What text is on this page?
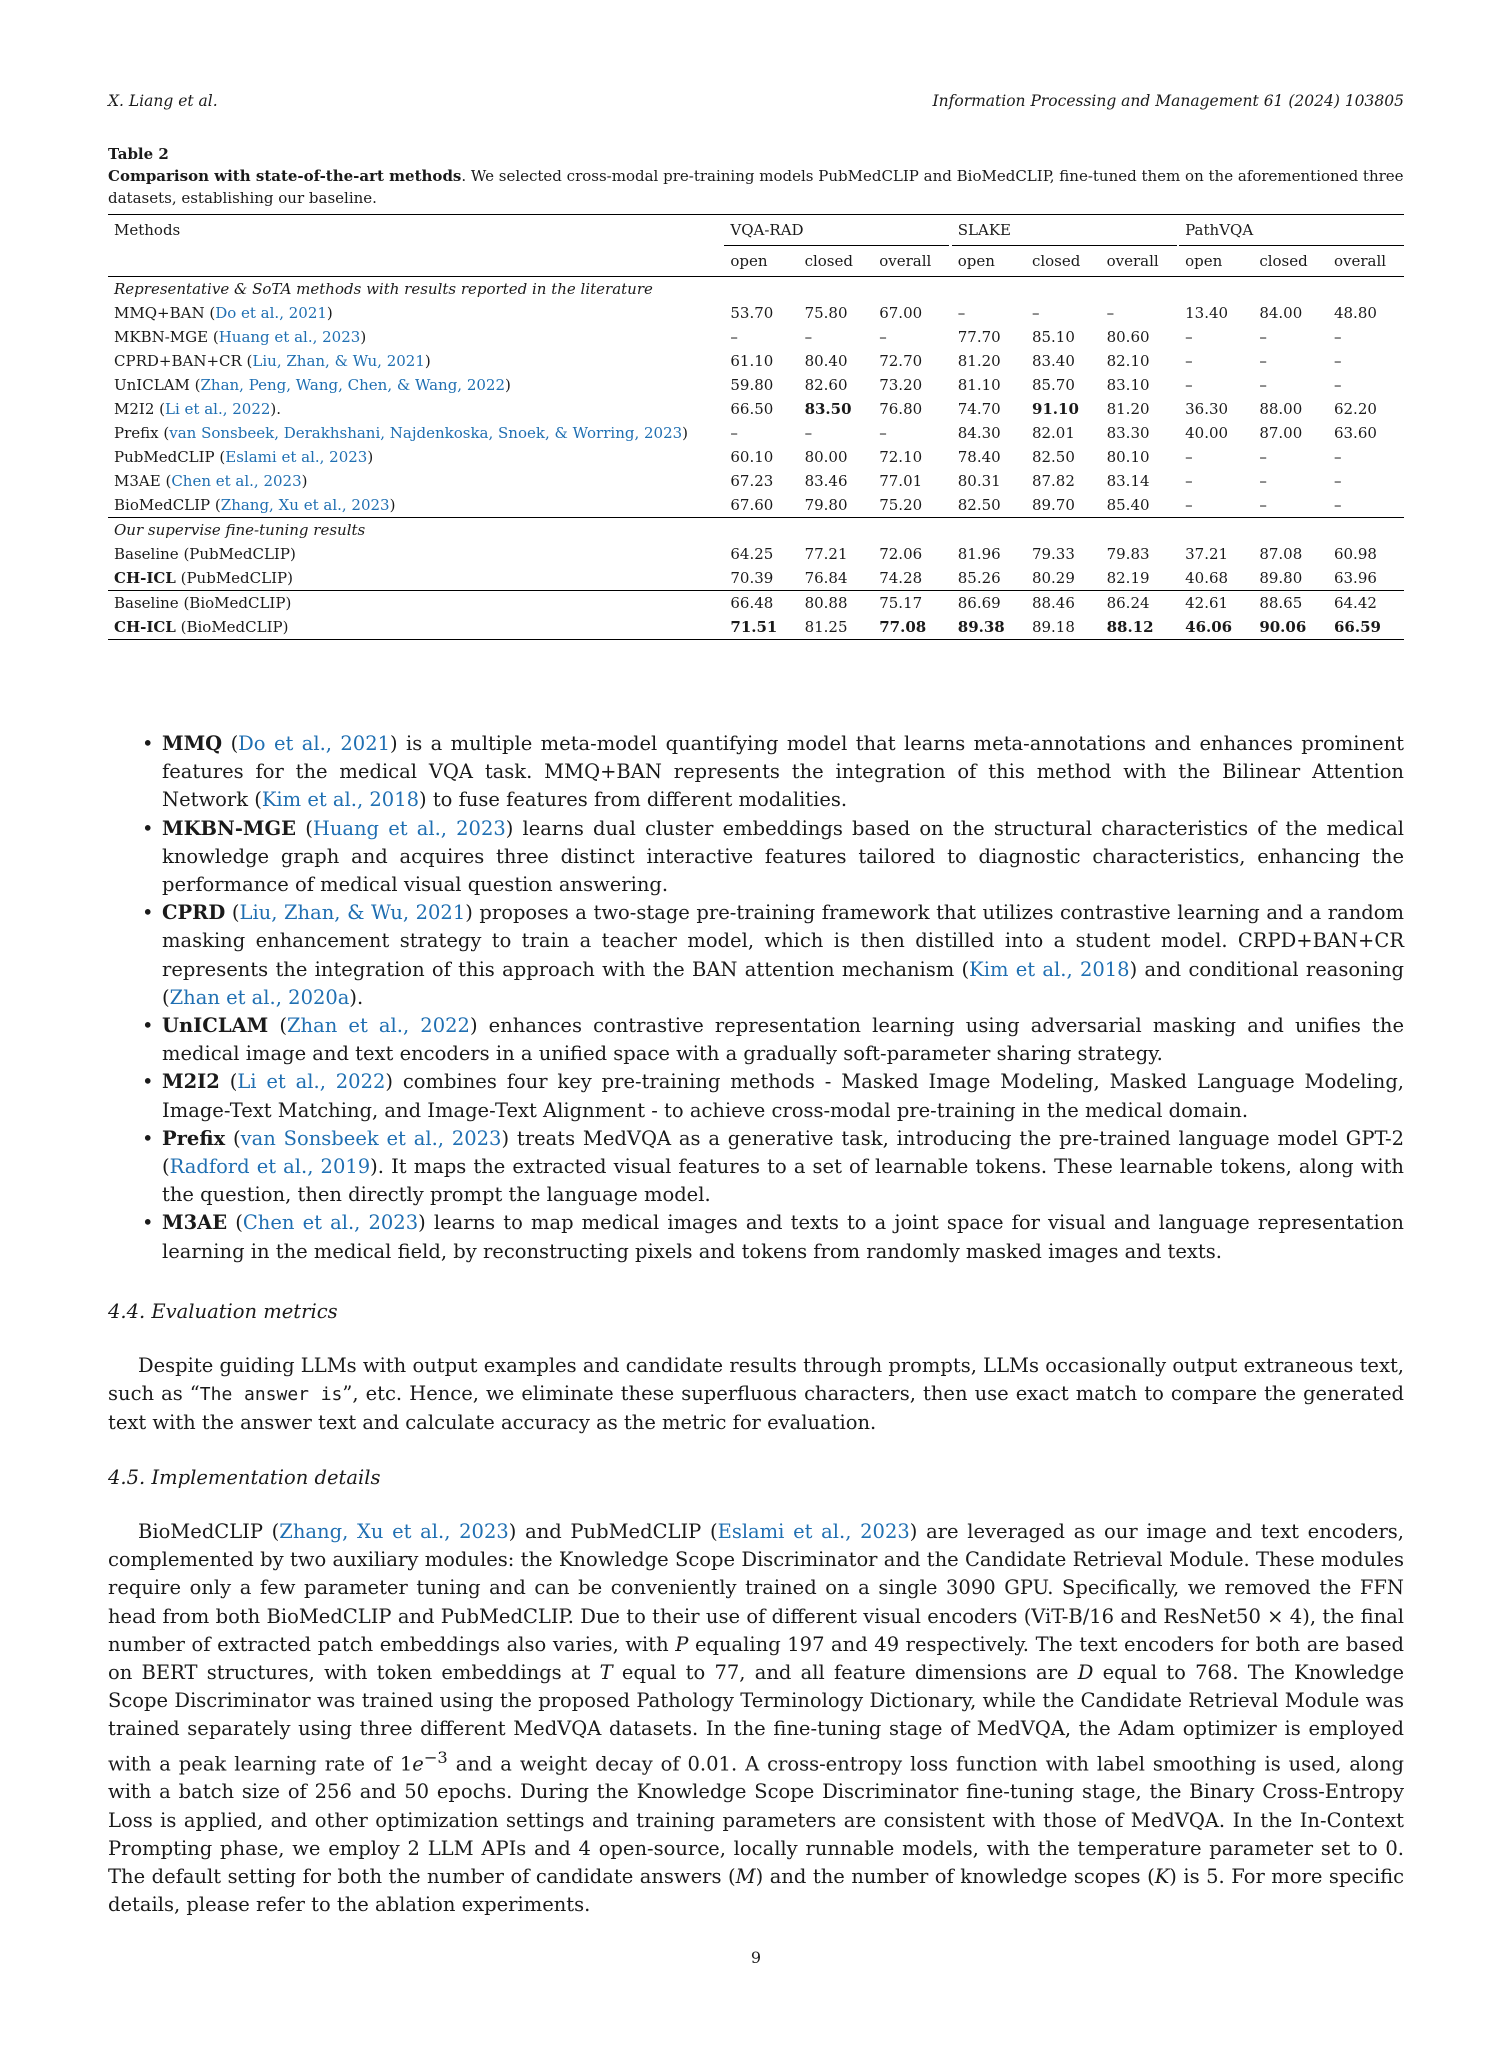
X. Liang et al.	Information Processing and Management 61 (2024) 103805
Table 2
Comparison with state-of-the-art methods. We selected cross-modal pre-training models PubMedCLIP and BioMedCLIP, fine-tuned them on the aforementioned three datasets, establishing our baseline.
Methods	VQA-RAD				SLAKE				PathVQA		
	open	closed	overall		open	closed	overall		open	closed	overall
Representative & SoTA methods with results reported in the literature											
MMQ+BAN (Do et al., 2021)	53.70	75.80	67.00		–	–	–		13.40	84.00	48.80
MKBN-MGE (Huang et al., 2023)	–	–	–		77.70	85.10	80.60		–	–	–
CPRD+BAN+CR (Liu, Zhan, & Wu, 2021)	61.10	80.40	72.70		81.20	83.40	82.10		–	–	–
UnICLAM (Zhan, Peng, Wang, Chen, & Wang, 2022)	59.80	82.60	73.20		81.10	85.70	83.10		–	–	–
M2I2 (Li et al., 2022).	66.50	83.50	76.80		74.70	91.10	81.20		36.30	88.00	62.20
Prefix (van Sonsbeek, Derakhshani, Najdenkoska, Snoek, & Worring, 2023)	–	–	–		84.30	82.01	83.30		40.00	87.00	63.60
PubMedCLIP (Eslami et al., 2023)	60.10	80.00	72.10		78.40	82.50	80.10		–	–	–
M3AE (Chen et al., 2023)	67.23	83.46	77.01		80.31	87.82	83.14		–	–	–
BioMedCLIP (Zhang, Xu et al., 2023)	67.60	79.80	75.20		82.50	89.70	85.40		–	–	–
Our supervise fine-tuning results											
Baseline (PubMedCLIP)	64.25	77.21	72.06		81.96	79.33	79.83		37.21	87.08	60.98
CH-ICL (PubMedCLIP)	70.39	76.84	74.28		85.26	80.29	82.19		40.68	89.80	63.96
Baseline (BioMedCLIP)	66.48	80.88	75.17		86.69	88.46	86.24		42.61	88.65	64.42
CH-ICL (BioMedCLIP)	71.51	81.25	77.08		89.38	89.18	88.12		46.06	90.06	66.59
• MMQ (Do et al., 2021) is a multiple meta-model quantifying model that learns meta-annotations and enhances prominent features for the medical VQA task. MMQ+BAN represents the integration of this method with the Bilinear Attention Network (Kim et al., 2018) to fuse features from different modalities.
• MKBN-MGE (Huang et al., 2023) learns dual cluster embeddings based on the structural characteristics of the medical knowledge graph and acquires three distinct interactive features tailored to diagnostic characteristics, enhancing the performance of medical visual question answering.
• CPRD (Liu, Zhan, & Wu, 2021) proposes a two-stage pre-training framework that utilizes contrastive learning and a random masking enhancement strategy to train a teacher model, which is then distilled into a student model. CRPD+BAN+CR represents the integration of this approach with the BAN attention mechanism (Kim et al., 2018) and conditional reasoning (Zhan et al., 2020a).
• UnICLAM (Zhan et al., 2022) enhances contrastive representation learning using adversarial masking and unifies the medical image and text encoders in a unified space with a gradually soft-parameter sharing strategy.
• M2I2 (Li et al., 2022) combines four key pre-training methods - Masked Image Modeling, Masked Language Modeling, Image-Text Matching, and Image-Text Alignment - to achieve cross-modal pre-training in the medical domain.
• Prefix (van Sonsbeek et al., 2023) treats MedVQA as a generative task, introducing the pre-trained language model GPT-2 (Radford et al., 2019). It maps the extracted visual features to a set of learnable tokens. These learnable tokens, along with the question, then directly prompt the language model.
• M3AE (Chen et al., 2023) learns to map medical images and texts to a joint space for visual and language representation learning in the medical field, by reconstructing pixels and tokens from randomly masked images and texts.
4.4. Evaluation metrics
Despite guiding LLMs with output examples and candidate results through prompts, LLMs occasionally output extraneous text, such as “The answer is”, etc. Hence, we eliminate these superfluous characters, then use exact match to compare the generated text with the answer text and calculate accuracy as the metric for evaluation.
4.5. Implementation details
BioMedCLIP (Zhang, Xu et al., 2023) and PubMedCLIP (Eslami et al., 2023) are leveraged as our image and text encoders, complemented by two auxiliary modules: the Knowledge Scope Discriminator and the Candidate Retrieval Module. These modules require only a few parameter tuning and can be conveniently trained on a single 3090 GPU. Specifically, we removed the FFN head from both BioMedCLIP and PubMedCLIP. Due to their use of different visual encoders (ViT-B/16 and ResNet50 × 4), the final number of extracted patch embeddings also varies, with P equaling 197 and 49 respectively. The text encoders for both are based on BERT structures, with token embeddings at T equal to 77, and all feature dimensions are D equal to 768. The Knowledge Scope Discriminator was trained using the proposed Pathology Terminology Dictionary, while the Candidate Retrieval Module was trained separately using three different MedVQA datasets. In the fine-tuning stage of MedVQA, the Adam optimizer is employed with a peak learning rate of $1e^{-3}$ and a weight decay of 0.01. A cross-entropy loss function with label smoothing is used, along with a batch size of 256 and 50 epochs. During the Knowledge Scope Discriminator fine-tuning stage, the Binary Cross-Entropy Loss is applied, and other optimization settings and training parameters are consistent with those of MedVQA. In the In-Context Prompting phase, we employ 2 LLM APIs and 4 open-source, locally runnable models, with the temperature parameter set to 0. The default setting for both the number of candidate answers (M) and the number of knowledge scopes (K) is 5. For more specific details, please refer to the ablation experiments.
9
